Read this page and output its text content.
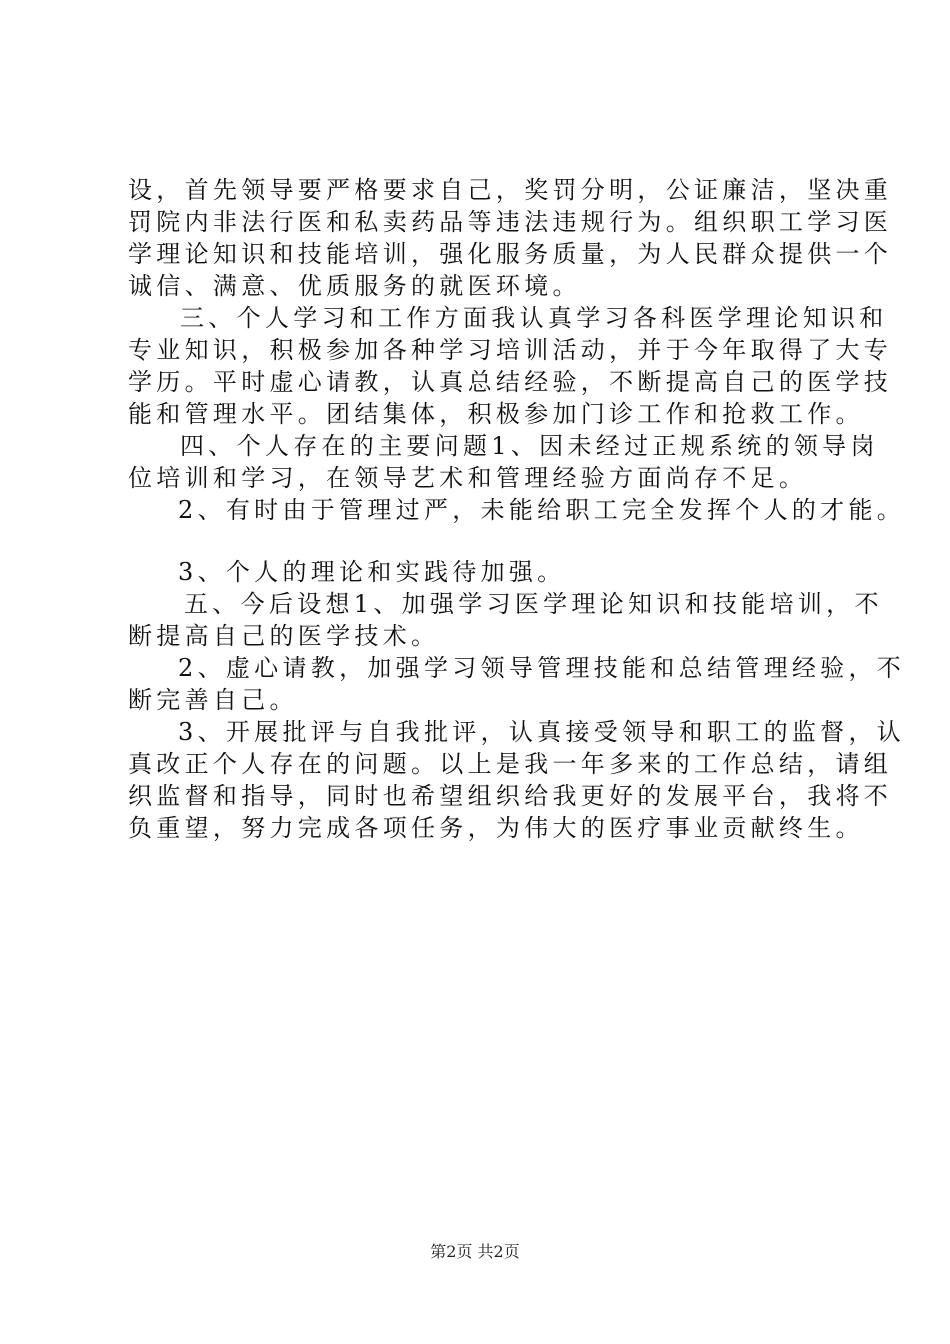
设，首先领导要严格要求自己，奖罚分明，公证廉洁，坚决重
罚院内非法行医和私卖药品等违法违规行为。组织职工学习医
学理论知识和技能培训，强化服务质量，为人民群众提供一个
诚信、满意、优质服务的就医环境。
三、个人学习和工作方面我认真学习各科医学理论知识和
专业知识，积极参加各种学习培训活动，并于今年取得了大专
学历。平时虚心请教，认真总结经验，不断提高自己的医学技
能和管理水平。团结集体，积极参加门诊工作和抢救工作。
四、个人存在的主要问题1、因未经过正规系统的领导岗
位培训和学习，在领导艺术和管理经验方面尚存不足。
2、有时由于管理过严，未能给职工完全发挥个人的才能。
3、个人的理论和实践待加强。
五、今后设想1、加强学习医学理论知识和技能培训，不
断提高自己的医学技术。
2、虚心请教，加强学习领导管理技能和总结管理经验，不
断完善自己。
3、开展批评与自我批评，认真接受领导和职工的监督，认
真改正个人存在的问题。以上是我一年多来的工作总结，请组
织监督和指导，同时也希望组织给我更好的发展平台，我将不
负重望，努力完成各项任务，为伟大的医疗事业贡献终生。
第2页 共2页
